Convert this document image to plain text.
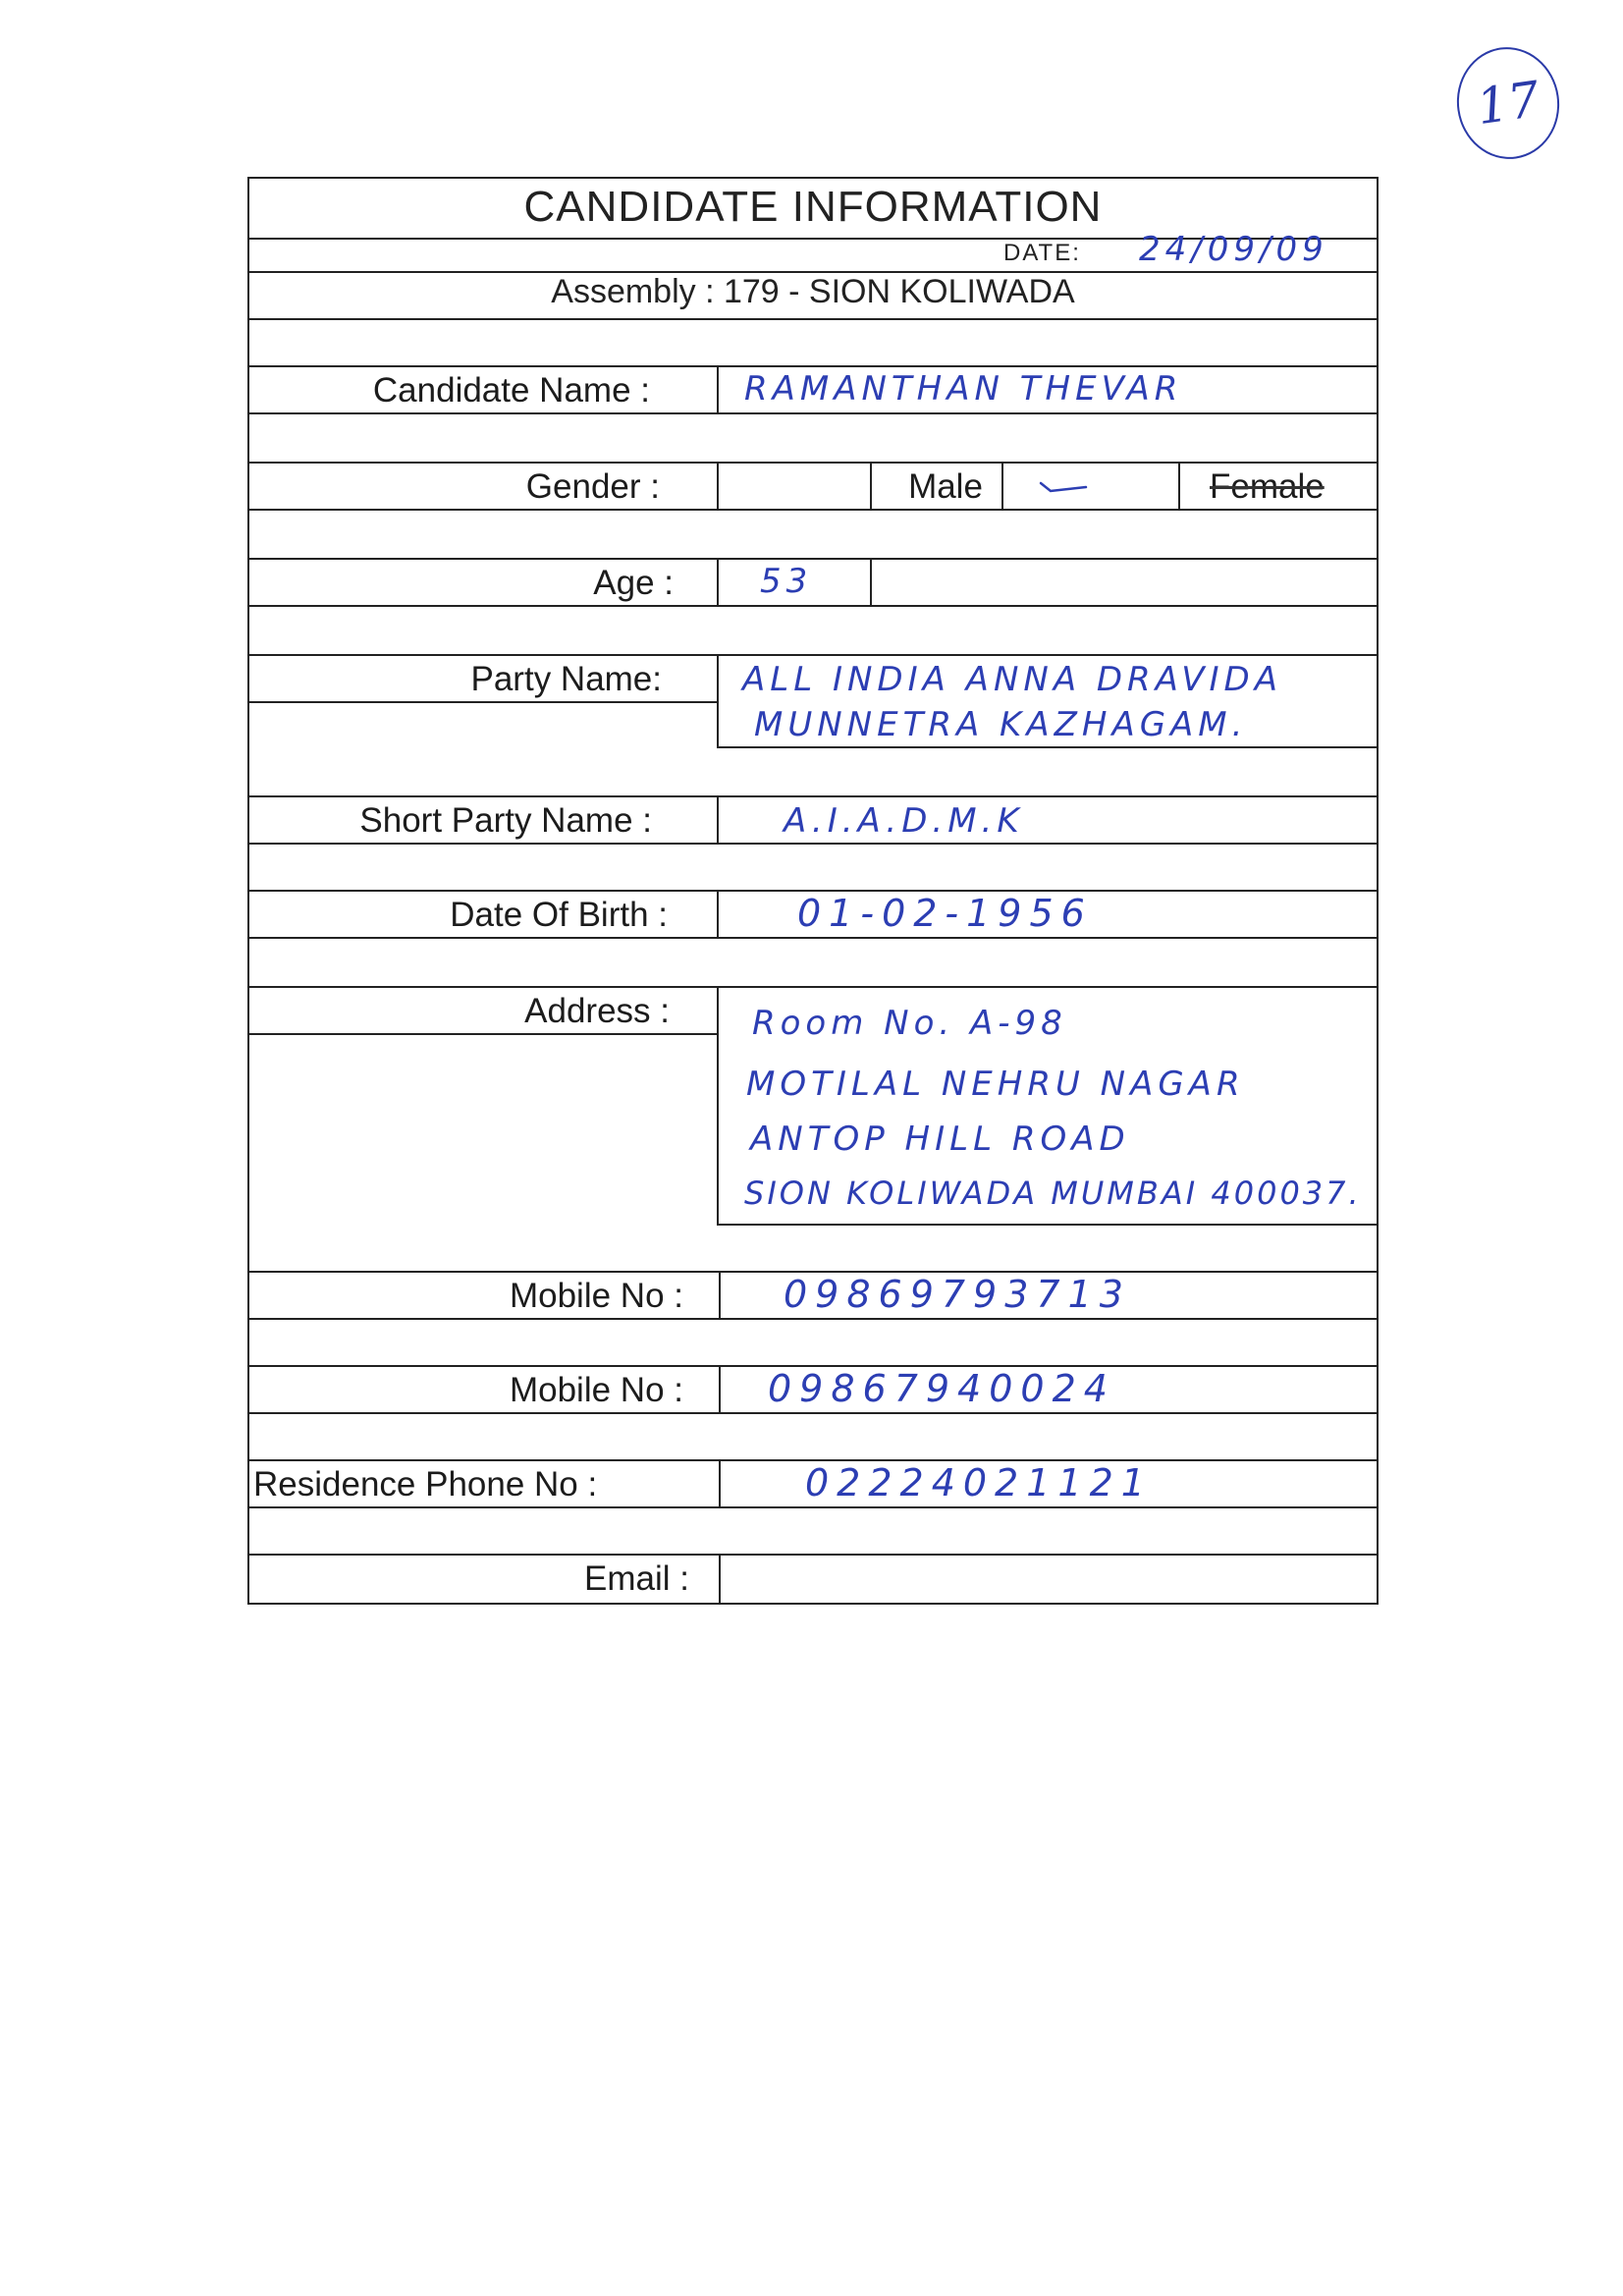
17
CANDIDATE INFORMATION
DATE: 24/09/09
Assembly : 179 - SION KOLIWADA
Candidate Name :	RAMANTHAN THEVAR
Gender :	Male	Female
Age :	53
Party Name: ALL INDIA ANNA DRAVIDA
MUNNETRA KAZHAGAM.
Short Party Name :	A.I.A.D.M.K
Date Of Birth :	01-02-1956
Address : Room No. A-98
MOTILAL NEHRU NAGAR
ANTOP HILL ROAD
SION KOLIWADA MUMBAI 400037.
Mobile No :	09869793713
Mobile No : 09867940024
Residence Phone No :	02224021121
Email :
